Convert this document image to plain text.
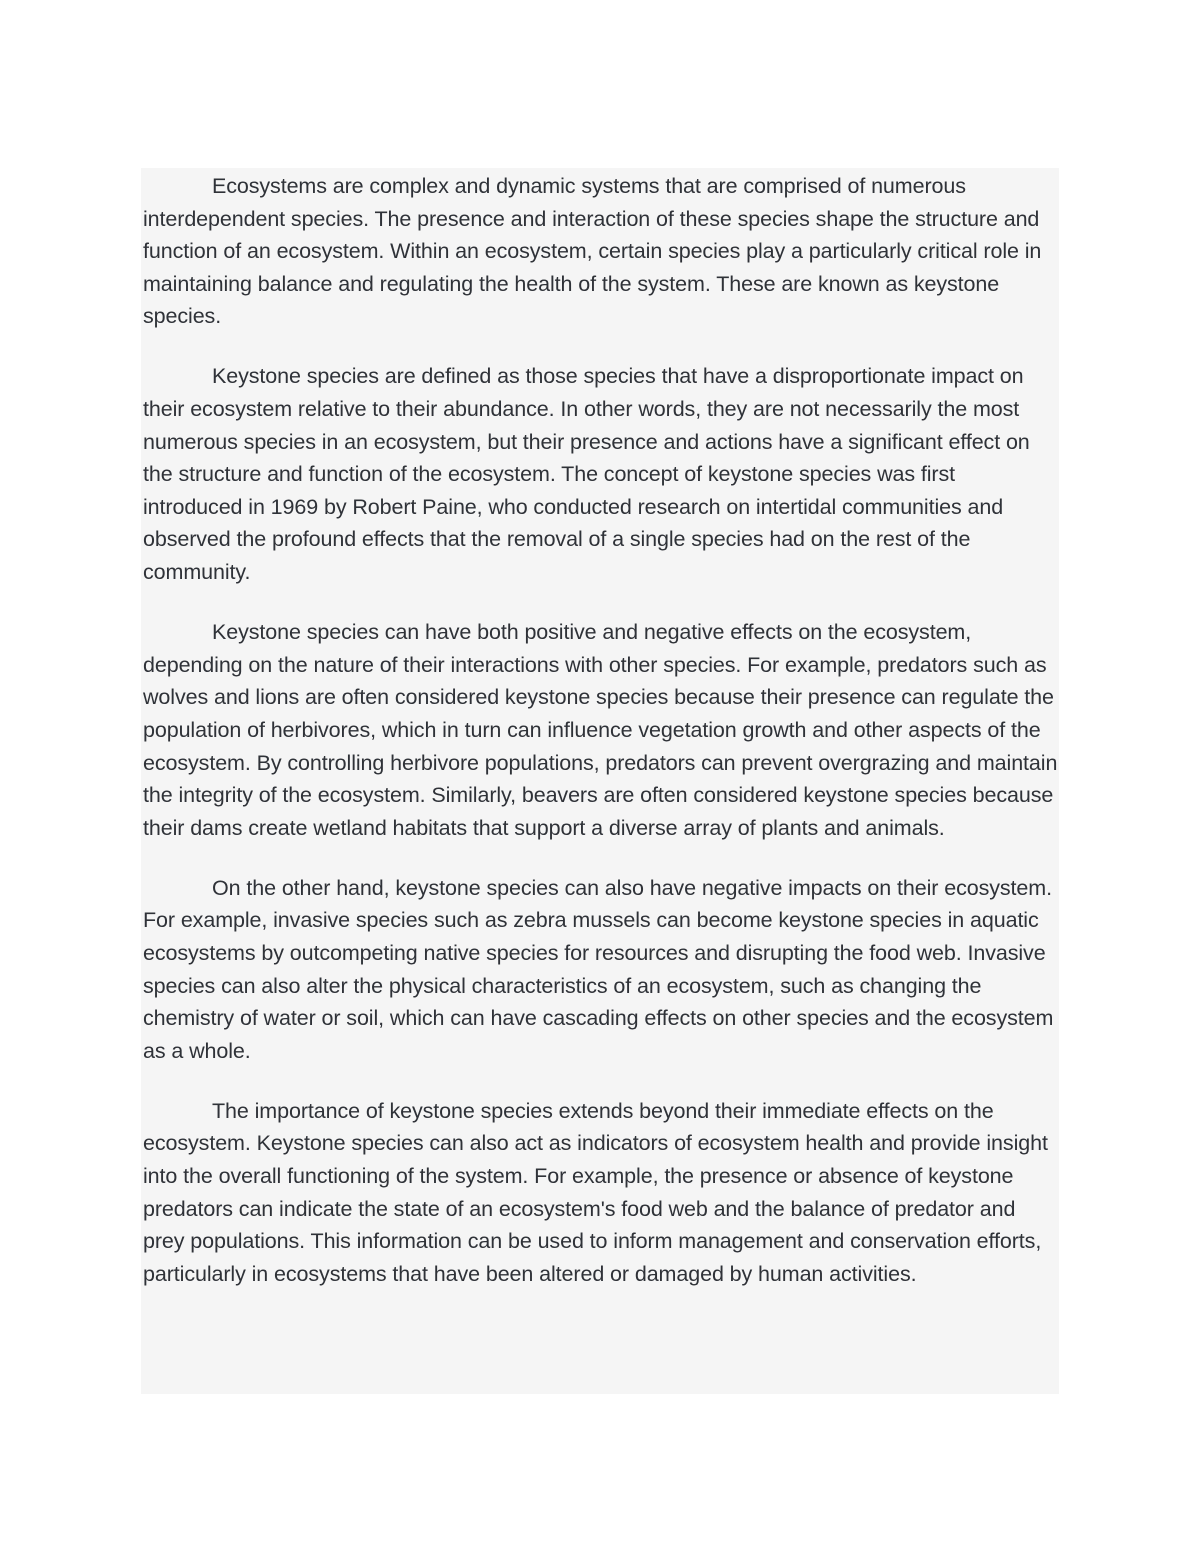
Ecosystems are complex and dynamic systems that are comprised of numerous interdependent species. The presence and interaction of these species shape the structure and function of an ecosystem. Within an ecosystem, certain species play a particularly critical role in maintaining balance and regulating the health of the system. These are known as keystone species.

Keystone species are defined as those species that have a disproportionate impact on their ecosystem relative to their abundance. In other words, they are not necessarily the most numerous species in an ecosystem, but their presence and actions have a significant effect on the structure and function of the ecosystem. The concept of keystone species was first introduced in 1969 by Robert Paine, who conducted research on intertidal communities and observed the profound effects that the removal of a single species had on the rest of the community.

Keystone species can have both positive and negative effects on the ecosystem, depending on the nature of their interactions with other species. For example, predators such as wolves and lions are often considered keystone species because their presence can regulate the population of herbivores, which in turn can influence vegetation growth and other aspects of the ecosystem. By controlling herbivore populations, predators can prevent overgrazing and maintain the integrity of the ecosystem. Similarly, beavers are often considered keystone species because their dams create wetland habitats that support a diverse array of plants and animals.

On the other hand, keystone species can also have negative impacts on their ecosystem. For example, invasive species such as zebra mussels can become keystone species in aquatic ecosystems by outcompeting native species for resources and disrupting the food web. Invasive species can also alter the physical characteristics of an ecosystem, such as changing the chemistry of water or soil, which can have cascading effects on other species and the ecosystem as a whole.

The importance of keystone species extends beyond their immediate effects on the ecosystem. Keystone species can also act as indicators of ecosystem health and provide insight into the overall functioning of the system. For example, the presence or absence of keystone predators can indicate the state of an ecosystem's food web and the balance of predator and prey populations. This information can be used to inform management and conservation efforts, particularly in ecosystems that have been altered or damaged by human activities.
